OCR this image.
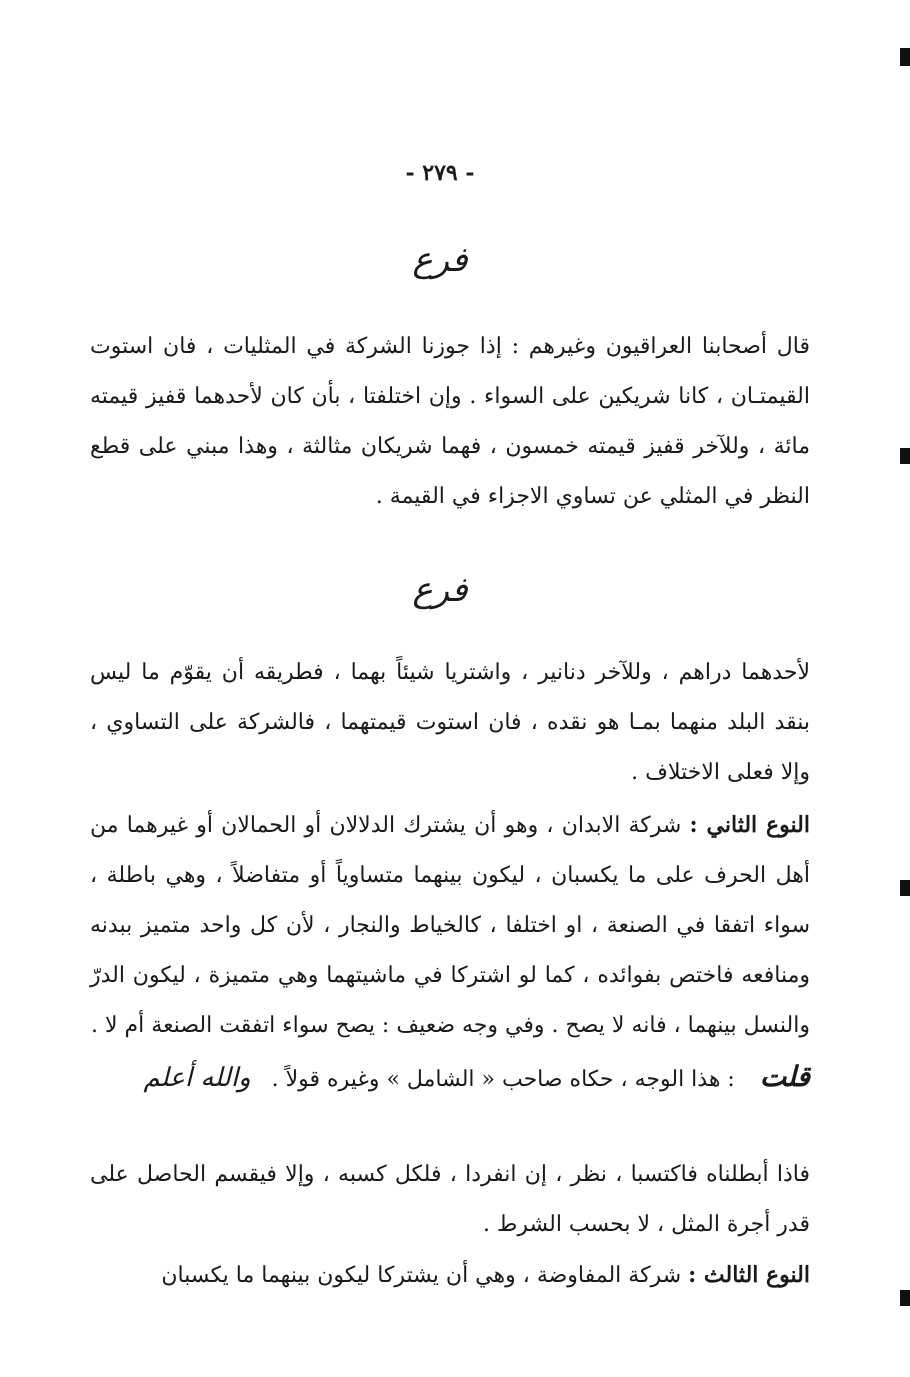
- ٢٧٩ -
فرع
قال أصحابنا العراقيون وغيرهم : إذا جوزنا الشركة في المثليات ، فان استوت القيمتـان ، كانا شريكين على السواء . وإن اختلفتا ، بأن كان لأحدهما قفيز قيمته مائة ، وللآخر قفيز قيمته خمسون ، فهما شريكان مثالثة ، وهذا مبني على قطع النظر في المثلي عن تساوي الاجزاء في القيمة .
فرع
لأحدهما دراهم ، وللآخر دنانير ، واشتريا شيئاً بهما ، فطريقه أن يقوّم ما ليس بنقد البلد منهما بمـا هو نقده ، فان استوت قيمتهما ، فالشركة على التساوي ، وإلا فعلى الاختلاف .
النوع الثاني : شركة الابدان ، وهو أن يشترك الدلالان أو الحمالان أو غيرهما من أهل الحرف على ما يكسبان ، ليكون بينهما متساوياً أو متفاضلاً ، وهي باطلة ، سواء اتفقا في الصنعة ، او اختلفا ، كالخياط والنجار ، لأن كل واحد متميز ببدنه ومنافعه فاختص بفوائده ، كما لو اشتركا في ماشيتهما وهي متميزة ، ليكون الدرّ والنسل بينهما ، فانه لا يصح . وفي وجه ضعيف : يصح سواء اتفقت الصنعة أم لا .
قلت : هذا الوجه ، حكاه صاحب « الشامل » وغيره قولاً . والله أعلم
فاذا أبطلناه فاكتسبا ، نظر ، إن انفردا ، فلكل كسبه ، وإلا فيقسم الحاصل على قدر أجرة المثل ، لا بحسب الشرط .
النوع الثالث : شركة المفاوضة ، وهي أن يشتركا ليكون بينهما ما يكسبان
